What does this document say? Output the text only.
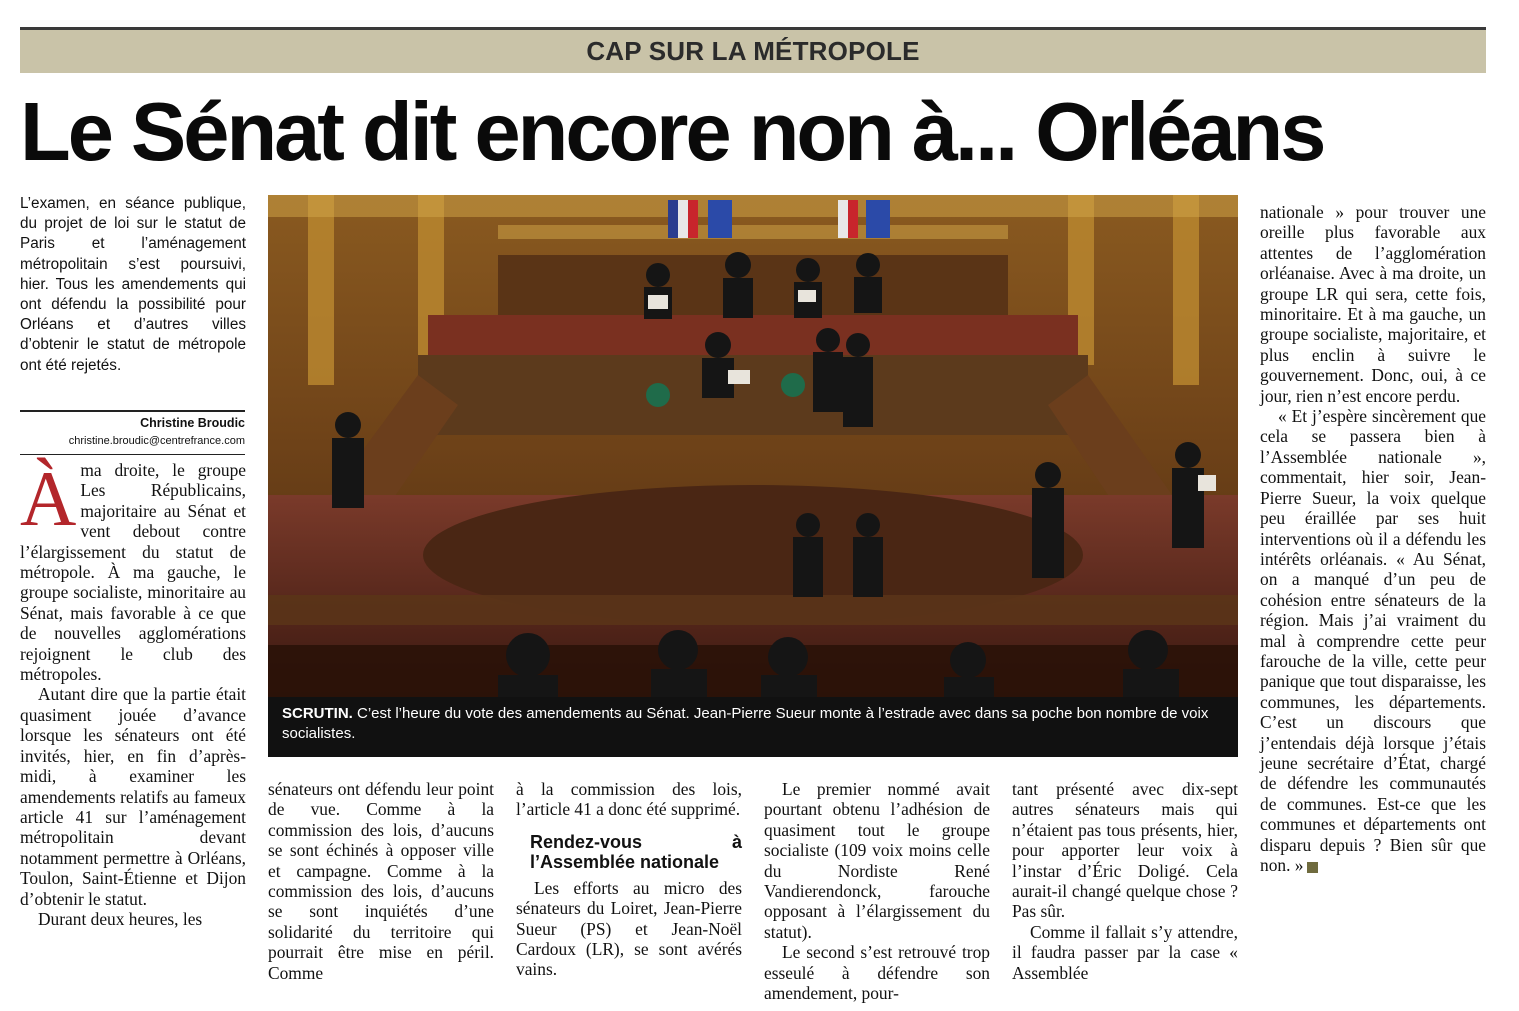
CAP SUR LA MÉTROPOLE
Le Sénat dit encore non à... Orléans
L’examen, en séance publique, du projet de loi sur le statut de Paris et l’aménagement métropolitain s’est poursuivi, hier. Tous les amendements qui ont défendu la possibilité pour Orléans et d’autres villes d’obtenir le statut de métropole ont été rejetés.
Christine Broudic
christine.broudic@centrefrance.com

Àma droite, le groupe Les Républicains, majoritaire au Sénat et vent debout contre l’élargissement du statut de métropole. À ma gauche, le groupe socialiste, minoritaire au Sénat, mais favorable à ce que de nouvelles agglomérations rejoignent le club des métropoles.

Autant dire que la partie était quasiment jouée d’avance lorsque les sénateurs ont été invités, hier, en fin d’après-midi, à examiner les amendements relatifs au fameux article 41 sur l’aménagement métropolitain devant notamment permettre à Orléans, Toulon, Saint-Étienne et Dijon d’obtenir le statut.

Durant deux heures, les

SCRUTIN. C’est l’heure du vote des amendements au Sénat. Jean-Pierre Sueur monte à l’estrade avec dans sa poche bon nombre de voix socialistes.

sénateurs ont défendu leur point de vue. Comme à la commission des lois, d’aucuns se sont échinés à opposer ville et campagne. Comme à la commission des lois, d’aucuns se sont inquiétés d’une solidarité du territoire qui pourrait être mise en péril. Comme

à la commission des lois, l’article 41 a donc été supprimé.

Rendez-vous à l’Assemblée nationale

Les efforts au micro des sénateurs du Loiret, Jean-Pierre Sueur (PS) et Jean-Noël Cardoux (LR), se sont avérés vains.

Le premier nommé avait pourtant obtenu l’adhésion de quasiment tout le groupe socialiste (109 voix moins celle du Nordiste René Vandierendonck, farouche opposant à l’élargissement du statut).

Le second s’est retrouvé trop esseulé à défendre son amendement, pour-

tant présenté avec dix-sept autres sénateurs mais qui n’étaient pas tous présents, hier, pour apporter leur voix à l’instar d’Éric Doligé. Cela aurait-il changé quelque chose ? Pas sûr.

Comme il fallait s’y attendre, il faudra passer par la case « Assemblée

nationale » pour trouver une oreille plus favorable aux attentes de l’agglomération orléanaise. Avec à ma droite, un groupe LR qui sera, cette fois, minoritaire. Et à ma gauche, un groupe socialiste, majoritaire, et plus enclin à suivre le gouvernement. Donc, oui, à ce jour, rien n’est encore perdu.

« Et j’espère sincèrement que cela se passera bien à l’Assemblée nationale », commentait, hier soir, Jean-Pierre Sueur, la voix quelque peu éraillée par ses huit interventions où il a défendu les intérêts orléanais. « Au Sénat, on a manqué d’un peu de cohésion entre sénateurs de la région. Mais j’ai vraiment du mal à comprendre cette peur farouche de la ville, cette peur panique que tout disparaisse, les communes, les départements. C’est un discours que j’entendais déjà lorsque j’étais jeune secrétaire d’État, chargé de défendre les communautés de communes. Est-ce que les communes et départements ont disparu depuis ? Bien sûr que non. »
